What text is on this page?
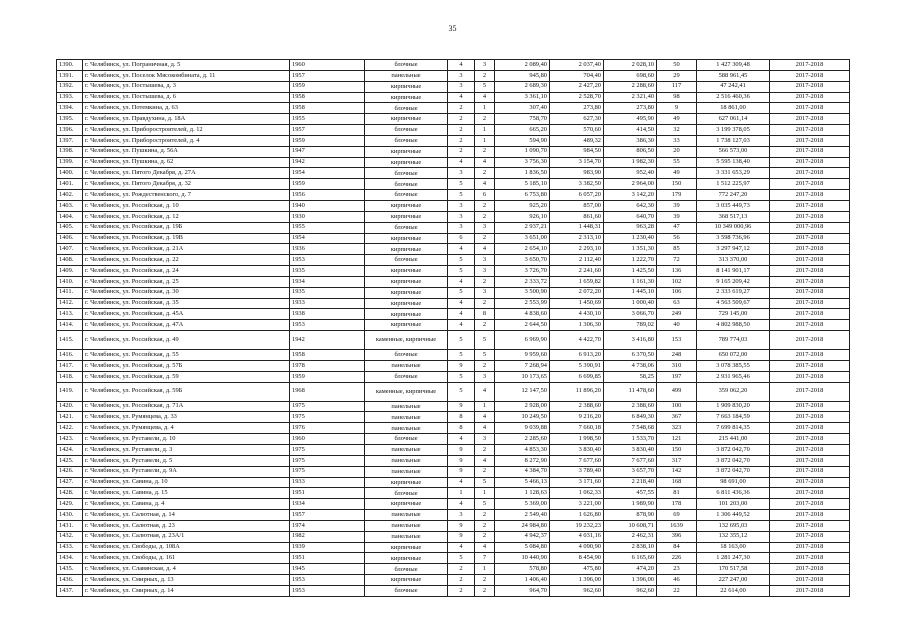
35
1390.	г. Челябинск, ул. Пограничная, д. 5	1960	блочные	4	3	2 089,40	2 037,40	2 028,10	50	1 427 309,48	2017-2018
1391.	г. Челябинск, ул. Поселок Мясокомбината, д. 11	1957	панельные	3	2	945,80	704,40	698,60	29	588 961,45	2017-2018
1392.	г. Челябинск, ул. Постышева, д. 3	1959	кирпичные	3	5	2 689,30	2 427,20	2 288,60	117	47 242,41	2017-2018
1393.	г. Челябинск, ул. Постышева, д. 6	1958	кирпичные	4	4	3 361,10	2 528,70	2 321,40	98	2 516 460,36	2017-2018
1394.	г. Челябинск, ул. Потемкина, д. 63	1958	блочные	2	1	307,40	273,80	273,80	9	18 861,00	2017-2018
1395.	г. Челябинск, ул. Правдухина, д. 18А	1955	кирпичные	2	2	758,70	627,30	495,90	49	627 061,14	2017-2018
1396.	г. Челябинск, ул. Приборостроителей, д. 12	1957	блочные	2	1	665,20	570,60	414,50	32	3 199 378,05	2017-2018
1397.	г. Челябинск, ул. Приборостроителей, д. 4	1959	блочные	2	1	594,90	489,32	386,30	33	1 738 127,03	2017-2018
1398.	г. Челябинск, ул. Пушкина, д. 56А	1947	кирпичные	2	2	1 090,70	984,50	806,50	20	566 573,00	2017-2018
1399.	г. Челябинск, ул. Пушкина, д. 62	1942	кирпичные	4	4	3 756,30	3 154,70	1 982,30	55	5 595 138,40	2017-2018
1400.	г. Челябинск, ул. Пятого Декабря, д. 27А	1954	блочные	3	2	1 836,50	983,90	952,40	49	3 331 653,29	2017-2018
1401.	г. Челябинск, ул. Пятого Декабря, д. 32	1959	блочные	5	4	5 185,10	3 382,50	2 964,00	150	1 512 225,97	2017-2018
1402.	г. Челябинск, ул. Рождественского, д. 7	1956	блочные	5	6	6 753,80	6 057,20	3 142,20	179	772 247,20	2017-2018
1403.	г. Челябинск, ул. Российская, д. 10	1940	кирпичные	3	2	925,20	857,00	642,30	39	3 035 449,73	2017-2018
1404.	г. Челябинск, ул. Российская, д. 12	1930	кирпичные	3	2	926,10	861,60	640,70	39	368 517,13	2017-2018
1405.	г. Челябинск, ул. Российская, д. 19Б	1955	блочные	3	3	2 937,21	1 448,31	963,28	47	10 349 000,96	2017-2018
1406.	г. Челябинск, ул. Российская, д. 19В	1954	кирпичные	6	2	3 651,00	2 313,10	1 230,40	56	3 598 736,96	2017-2018
1407.	г. Челябинск, ул. Российская, д. 21А	1936	кирпичные	4	4	2 654,10	2 293,10	1 351,30	85	3 297 947,12	2017-2018
1408.	г. Челябинск, ул. Российская, д. 22	1953	блочные	5	3	3 650,70	2 112,40	1 222,70	72	313 370,00	2017-2018
1409.	г. Челябинск, ул. Российская, д. 24	1935	кирпичные	5	3	3 726,70	2 241,60	1 425,50	136	8 141 901,17	2017-2018
1410.	г. Челябинск, ул. Российская, д. 25	1934	кирпичные	4	2	2 333,72	1 659,82	1 161,30	102	9 165 209,42	2017-2018
1411.	г. Челябинск, ул. Российская, д. 30	1935	кирпичные	5	3	3 500,90	2 072,20	1 445,10	106	2 333 619,27	2017-2018
1412.	г. Челябинск, ул. Российская, д. 35	1933	кирпичные	4	2	2 553,99	1 450,69	1 000,40	63	4 563 509,67	2017-2018
1413.	г. Челябинск, ул. Российская, д. 45А	1938	кирпичные	4	8	4 838,60	4 430,10	3 066,70	249	729 145,00	2017-2018
1414.	г. Челябинск, ул. Российская, д. 47А	1953	кирпичные	4	2	2 644,50	1 306,30	789,02	40	4 802 988,50	2017-2018
1415.	г. Челябинск, ул. Российская, д. 49	1942	каменные, кирпичные	5	5	6 969,90	4 422,70	3 416,80	153	789 774,03	2017-2018
1416.	г. Челябинск, ул. Российская, д. 55	1958	блочные	5	5	9 959,60	6 913,20	6 370,50	248	650 072,00	2017-2018
1417.	г. Челябинск, ул. Российская, д. 57Б	1978	панельные	9	2	7 268,94	5 390,91	4 738,06	310	3 078 385,55	2017-2018
1418.	г. Челябинск, ул. Российская, д. 59	1959	блочные	5	3	10 173,65	6 699,85	58,25	197	2 931 965,46	2017-2018
1419.	г. Челябинск, ул. Российская, д. 59Б	1968	каменные, кирпичные	5	4	12 147,50	11 896,20	11 478,60	499	359 062,20	2017-2018
1420.	г. Челябинск, ул. Российская, д. 71А	1975	панельные	9	1	2 928,00	2 388,60	2 388,60	100	1 909 830,20	2017-2018
1421.	г. Челябинск, ул. Румянцева, д. 33	1975	панельные	8	4	10 249,50	9 216,20	6 849,30	367	7 663 184,59	2017-2018
1422.	г. Челябинск, ул. Румянцева, д. 4	1976	панельные	8	4	9 039,88	7 660,18	7 548,68	323	7 699 814,35	2017-2018
1423.	г. Челябинск, ул. Руставели, д. 10	1960	блочные	4	3	2 285,60	1 998,50	1 533,70	121	215 441,00	2017-2018
1424.	г. Челябинск, ул. Руставели, д. 3	1975	панельные	9	2	4 853,30	3 830,40	3 830,40	150	3 872 042,70	2017-2018
1425.	г. Челябинск, ул. Руставели, д. 5	1975	панельные	9	4	8 272,90	7 677,60	7 677,60	317	3 872 042,70	2017-2018
1426.	г. Челябинск, ул. Руставели, д. 9А	1975	панельные	9	2	4 384,70	3 789,40	3 657,70	142	3 872 042,70	2017-2018
1427.	г. Челябинск, ул. Савина, д. 10	1933	кирпичные	4	5	5 466,13	3 171,60	2 218,40	168	98 691,00	2017-2018
1428.	г. Челябинск, ул. Савина, д. 15	1951	блочные	1	1	1 128,63	1 062,33	457,55	81	6 811 436,36	2017-2018
1429.	г. Челябинск, ул. Савина, д. 4	1934	кирпичные	4	5	5 369,00	3 221,00	1 989,90	178	101 203,00	2017-2018
1430.	г. Челябинск, ул. Салютная, д. 14	1957	панельные	3	2	2 549,40	1 626,80	878,90	69	1 306 449,52	2017-2018
1431.	г. Челябинск, ул. Салютная, д. 23	1974	панельные	9	2	24 984,80	19 232,23	10 608,71	1639	132 695,03	2017-2018
1432.	г. Челябинск, ул. Салютная, д. 23А/1	1982	панельные	9	2	4 942,37	4 031,16	2 462,31	396	132 355,12	2017-2018
1433.	г. Челябинск, ул. Свободы, д. 108А	1939	кирпичные	4	4	5 084,80	4 090,90	2 838,10	84	18 163,00	2017-2018
1434.	г. Челябинск, ул. Свободы, д. 161	1951	кирпичные	5	7	10 440,90	8 454,90	6 165,60	226	1 281 247,30	2017-2018
1435.	г. Челябинск, ул. Славянская, д. 4	1945	блочные	2	1	578,80	475,80	474,20	23	170 517,58	2017-2018
1436.	г. Челябинск, ул. Смирных, д. 13	1953	кирпичные	2	2	1 406,40	1 396,00	1 396,00	46	227 247,00	2017-2018
1437.	г. Челябинск, ул. Смирных, д. 14	1953	блочные	2	2	964,70	962,60	962,60	22	22 614,00	2017-2018
